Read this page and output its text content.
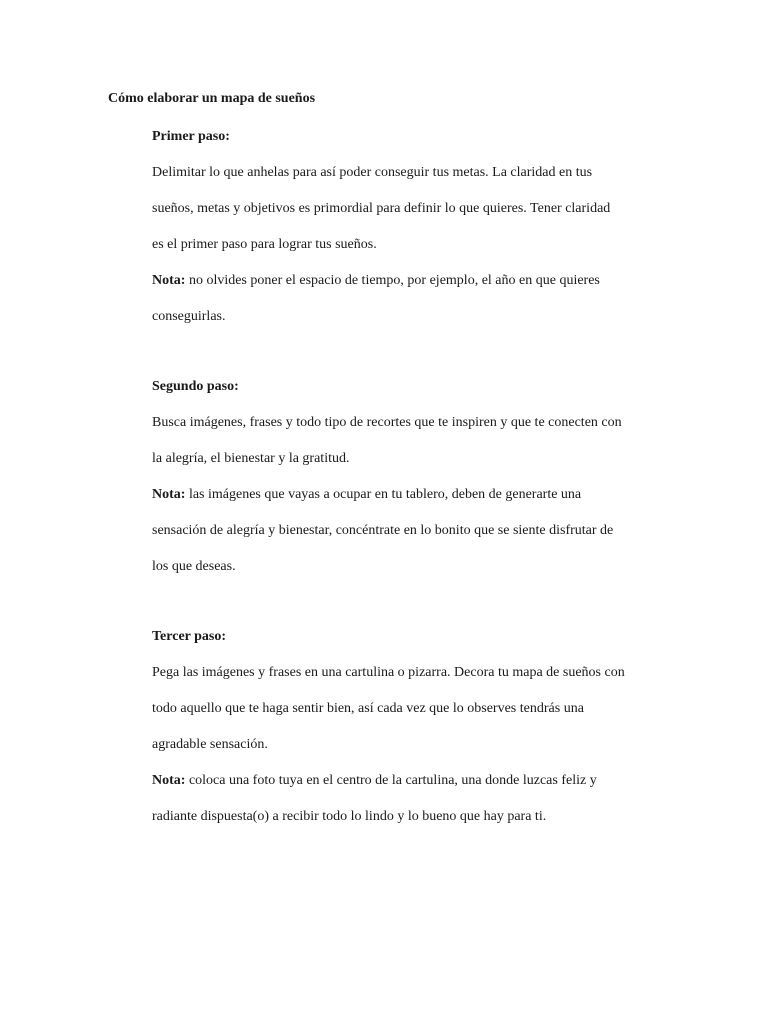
Cómo elaborar un mapa de sueños
Primer paso:
Delimitar lo que anhelas para así poder conseguir tus metas. La claridad en tus
sueños, metas y objetivos es primordial para definir lo que quieres. Tener claridad
es el primer paso para lograr tus sueños.
Nota: no olvides poner el espacio de tiempo, por ejemplo, el año en que quieres
conseguirlas.
Segundo paso:
Busca imágenes, frases y todo tipo de recortes que te inspiren y que te conecten con
la alegría, el bienestar y la gratitud.
Nota: las imágenes que vayas a ocupar en tu tablero, deben de generarte una
sensación de alegría y bienestar, concéntrate en lo bonito que se siente disfrutar de
los que deseas.
Tercer paso:
Pega las imágenes y frases en una cartulina o pizarra. Decora tu mapa de sueños con
todo aquello que te haga sentir bien, así cada vez que lo observes tendrás una
agradable sensación.
Nota: coloca una foto tuya en el centro de la cartulina, una donde luzcas feliz y
radiante dispuesta(o) a recibir todo lo lindo y lo bueno que hay para ti.
